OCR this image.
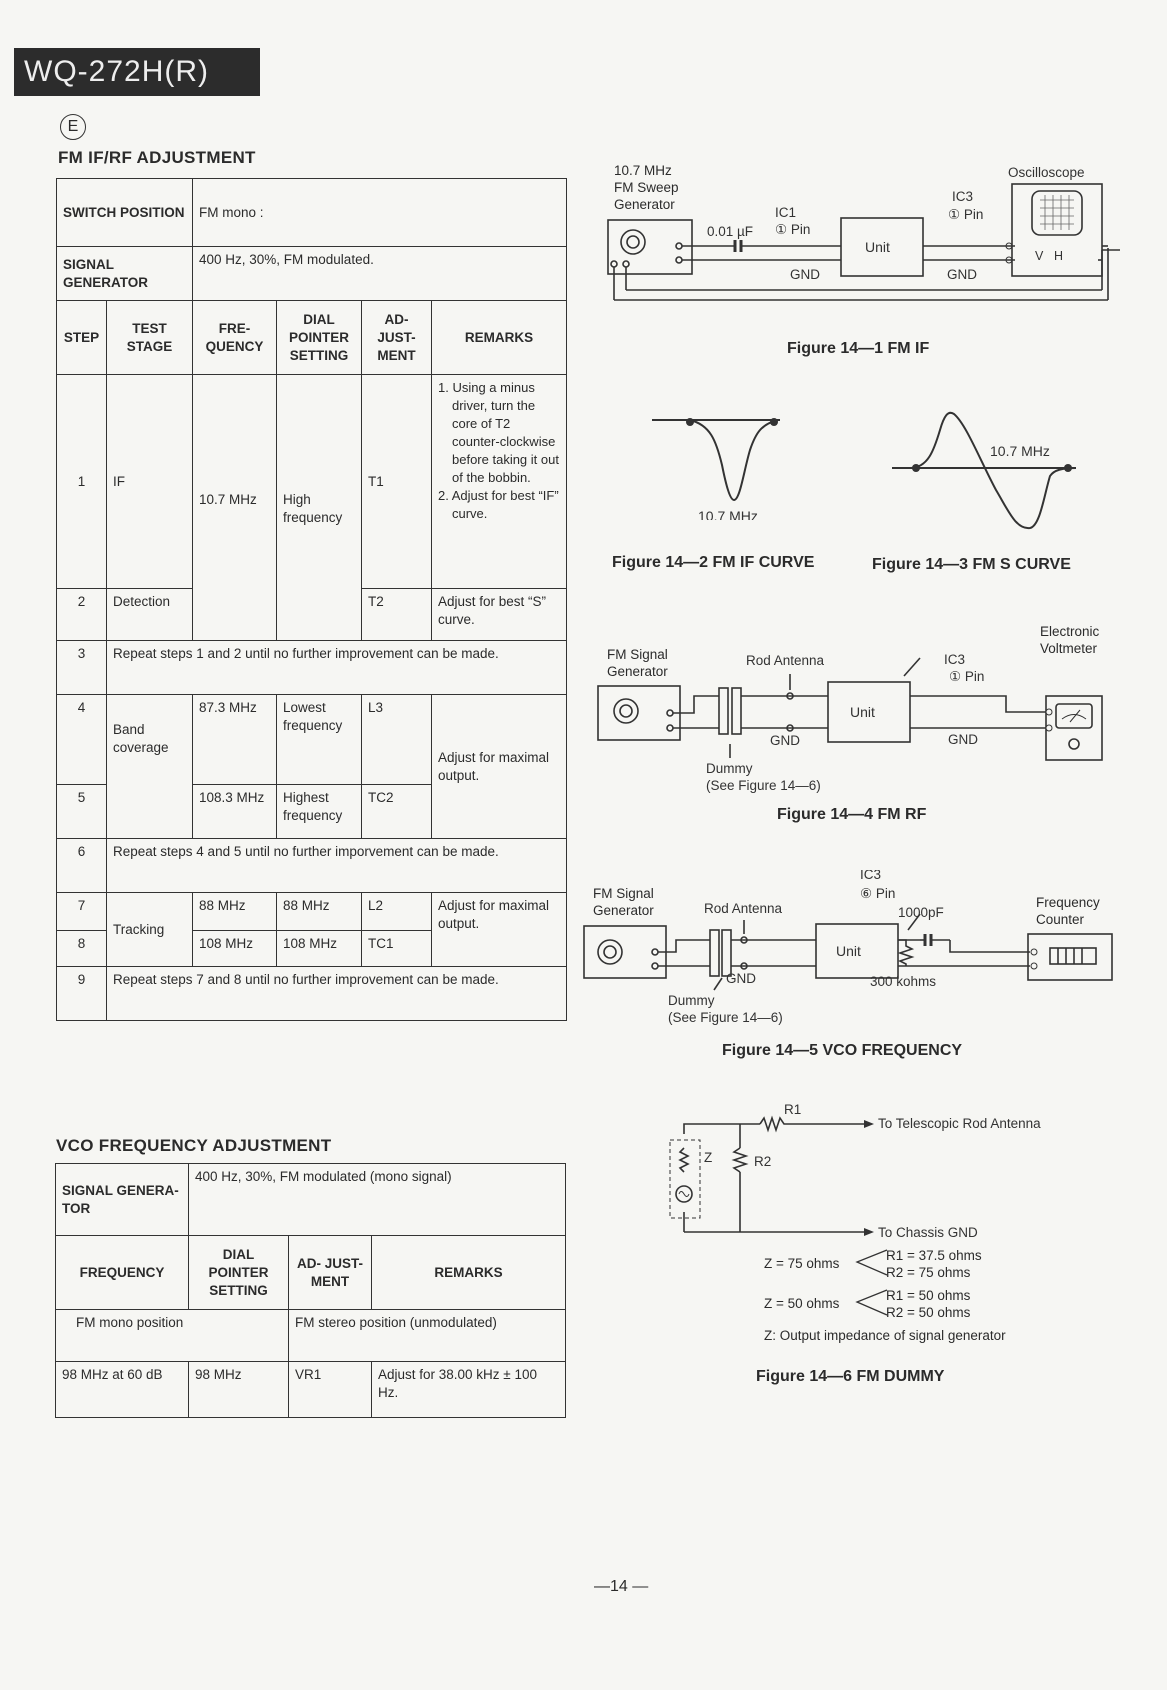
WQ-272H(R)
E
FM IF/RF ADJUSTMENT
SWITCH POSITION		FM mono :			
SIGNAL GENERATOR		400 Hz, 30%, FM modulated.			
STEP	TEST STAGE	FRE- QUENCY	DIAL POINTER SETTING	AD- JUST- MENT	REMARKS
1	IF	10.7 MHz	High frequency	T1	1. Using a minus driver, turn the core of T2 counter-clockwise before taking it out of the bobbin.
2. Adjust for best “IF” curve.

2	Detection			T2	Adjust for best “S” curve.
3	Repeat steps 1 and 2 until no further improvement can be made.				
4	Band coverage	87.3 MHz	Lowest frequency	L3	Adjust for maximal output.
5		108.3 MHz	Highest frequency	TC2	
6	Repeat steps 4 and 5 until no further imporvement can be made.				
7	Tracking	88 MHz	88 MHz	L2	Adjust for maximal output.
8		108 MHz	108 MHz	TC1	
9	Repeat steps 7 and 8 until no further improvement can be made.				
VCO FREQUENCY ADJUSTMENT
SIGNAL GENERA- TOR	400 Hz, 30%, FM modulated (mono signal)		
FREQUENCY	DIAL POINTER SETTING	AD- JUST- MENT	REMARKS
FM mono position		FM stereo position (unmodulated)	
98 MHz at 60 dB	98 MHz	VR1	Adjust for 38.00 kHz ± 100 Hz.
10.7 MHz
FM Sweep
Generator
0.01 µF
IC1
① Pin
Unit
GND
IC3
① Pin
GND
Oscilloscope
V H
Figure 14—1 FM IF
10.7 MHz
10.7 MHz
Figure 14—2 FM IF CURVE	Figure 14—3 FM S CURVE
FM Signal
Generator
Electronic
Voltmeter
Rod Antenna
Unit
IC3
① Pin
GND	GND
Dummy
(See Figure 14—6)
Figure 14—4 FM RF
FM Signal
Generator
Frequency
Counter
Rod Antenna
Unit
IC3
⑥ Pin
1000pF
300 kohms
GND
Dummy
(See Figure 14—6)
Figure 14—5 VCO FREQUENCY
Z
R1
R2
To Telescopic Rod Antenna
To Chassis GND
Z = 75 ohms
R1 = 37.5 ohms
R2 = 75 ohms
Z = 50 ohms
R1 = 50 ohms
R2 = 50 ohms
Z: Output impedance of signal generator
Figure 14—6 FM DUMMY
—14 —
